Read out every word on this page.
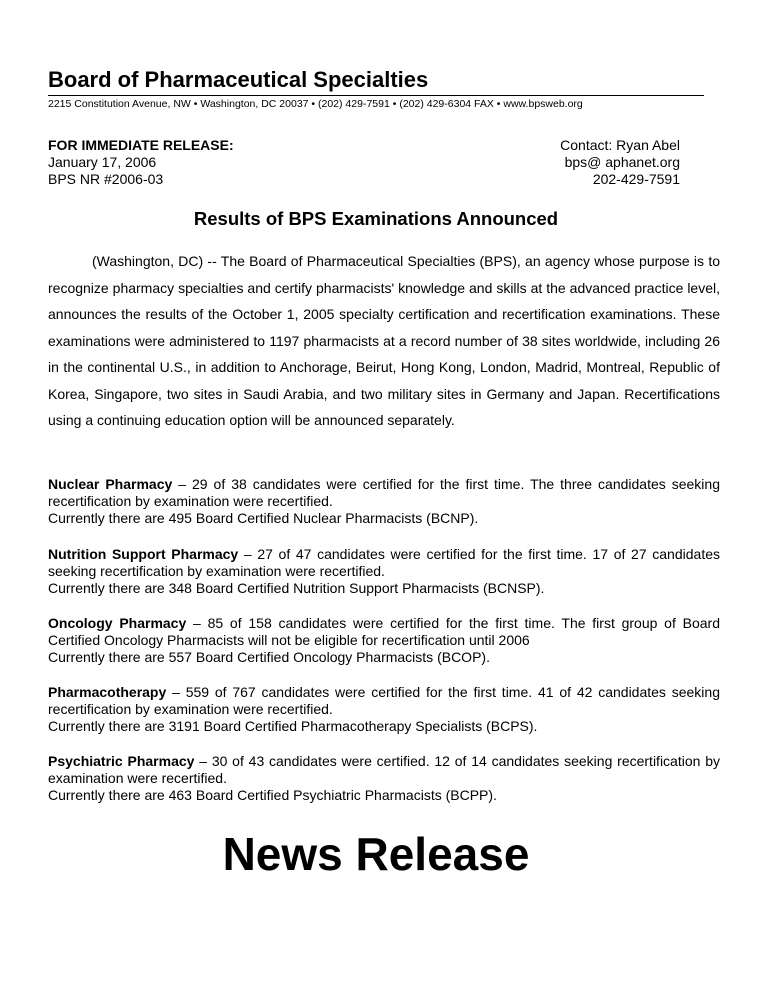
Board of Pharmaceutical Specialties
2215 Constitution Avenue, NW • Washington, DC 20037 • (202) 429-7591 • (202) 429-6304 FAX • www.bpsweb.org
FOR IMMEDIATE RELEASE:
January 17, 2006
BPS NR #2006-03
Contact: Ryan Abel
bps@ aphanet.org
202-429-7591
Results of BPS Examinations Announced

(Washington, DC) -- The Board of Pharmaceutical Specialties (BPS), an agency whose purpose is to recognize pharmacy specialties and certify pharmacists' knowledge and skills at the advanced practice level, announces the results of the October 1, 2005 specialty certification and recertification examinations. These examinations were administered to 1197 pharmacists at a record number of 38 sites worldwide, including 26 in the continental U.S., in addition to Anchorage, Beirut, Hong Kong, London, Madrid, Montreal, Republic of Korea, Singapore, two sites in Saudi Arabia, and two military sites in Germany and Japan. Recertifications using a continuing education option will be announced separately.

Nuclear Pharmacy – 29 of 38 candidates were certified for the first time. The three candidates seeking recertification by examination were recertified.
Currently there are 495 Board Certified Nuclear Pharmacists (BCNP).
Nutrition Support Pharmacy – 27 of 47 candidates were certified for the first time. 17 of 27 candidates seeking recertification by examination were recertified.
Currently there are 348 Board Certified Nutrition Support Pharmacists (BCNSP).
Oncology Pharmacy – 85 of 158 candidates were certified for the first time. The first group of Board Certified Oncology Pharmacists will not be eligible for recertification until 2006
Currently there are 557 Board Certified Oncology Pharmacists (BCOP).
Pharmacotherapy – 559 of 767 candidates were certified for the first time. 41 of 42 candidates seeking recertification by examination were recertified.
Currently there are 3191 Board Certified Pharmacotherapy Specialists (BCPS).
Psychiatric Pharmacy – 30 of 43 candidates were certified. 12 of 14 candidates seeking recertification by examination were recertified.
Currently there are 463 Board Certified Psychiatric Pharmacists (BCPP).
News Release
